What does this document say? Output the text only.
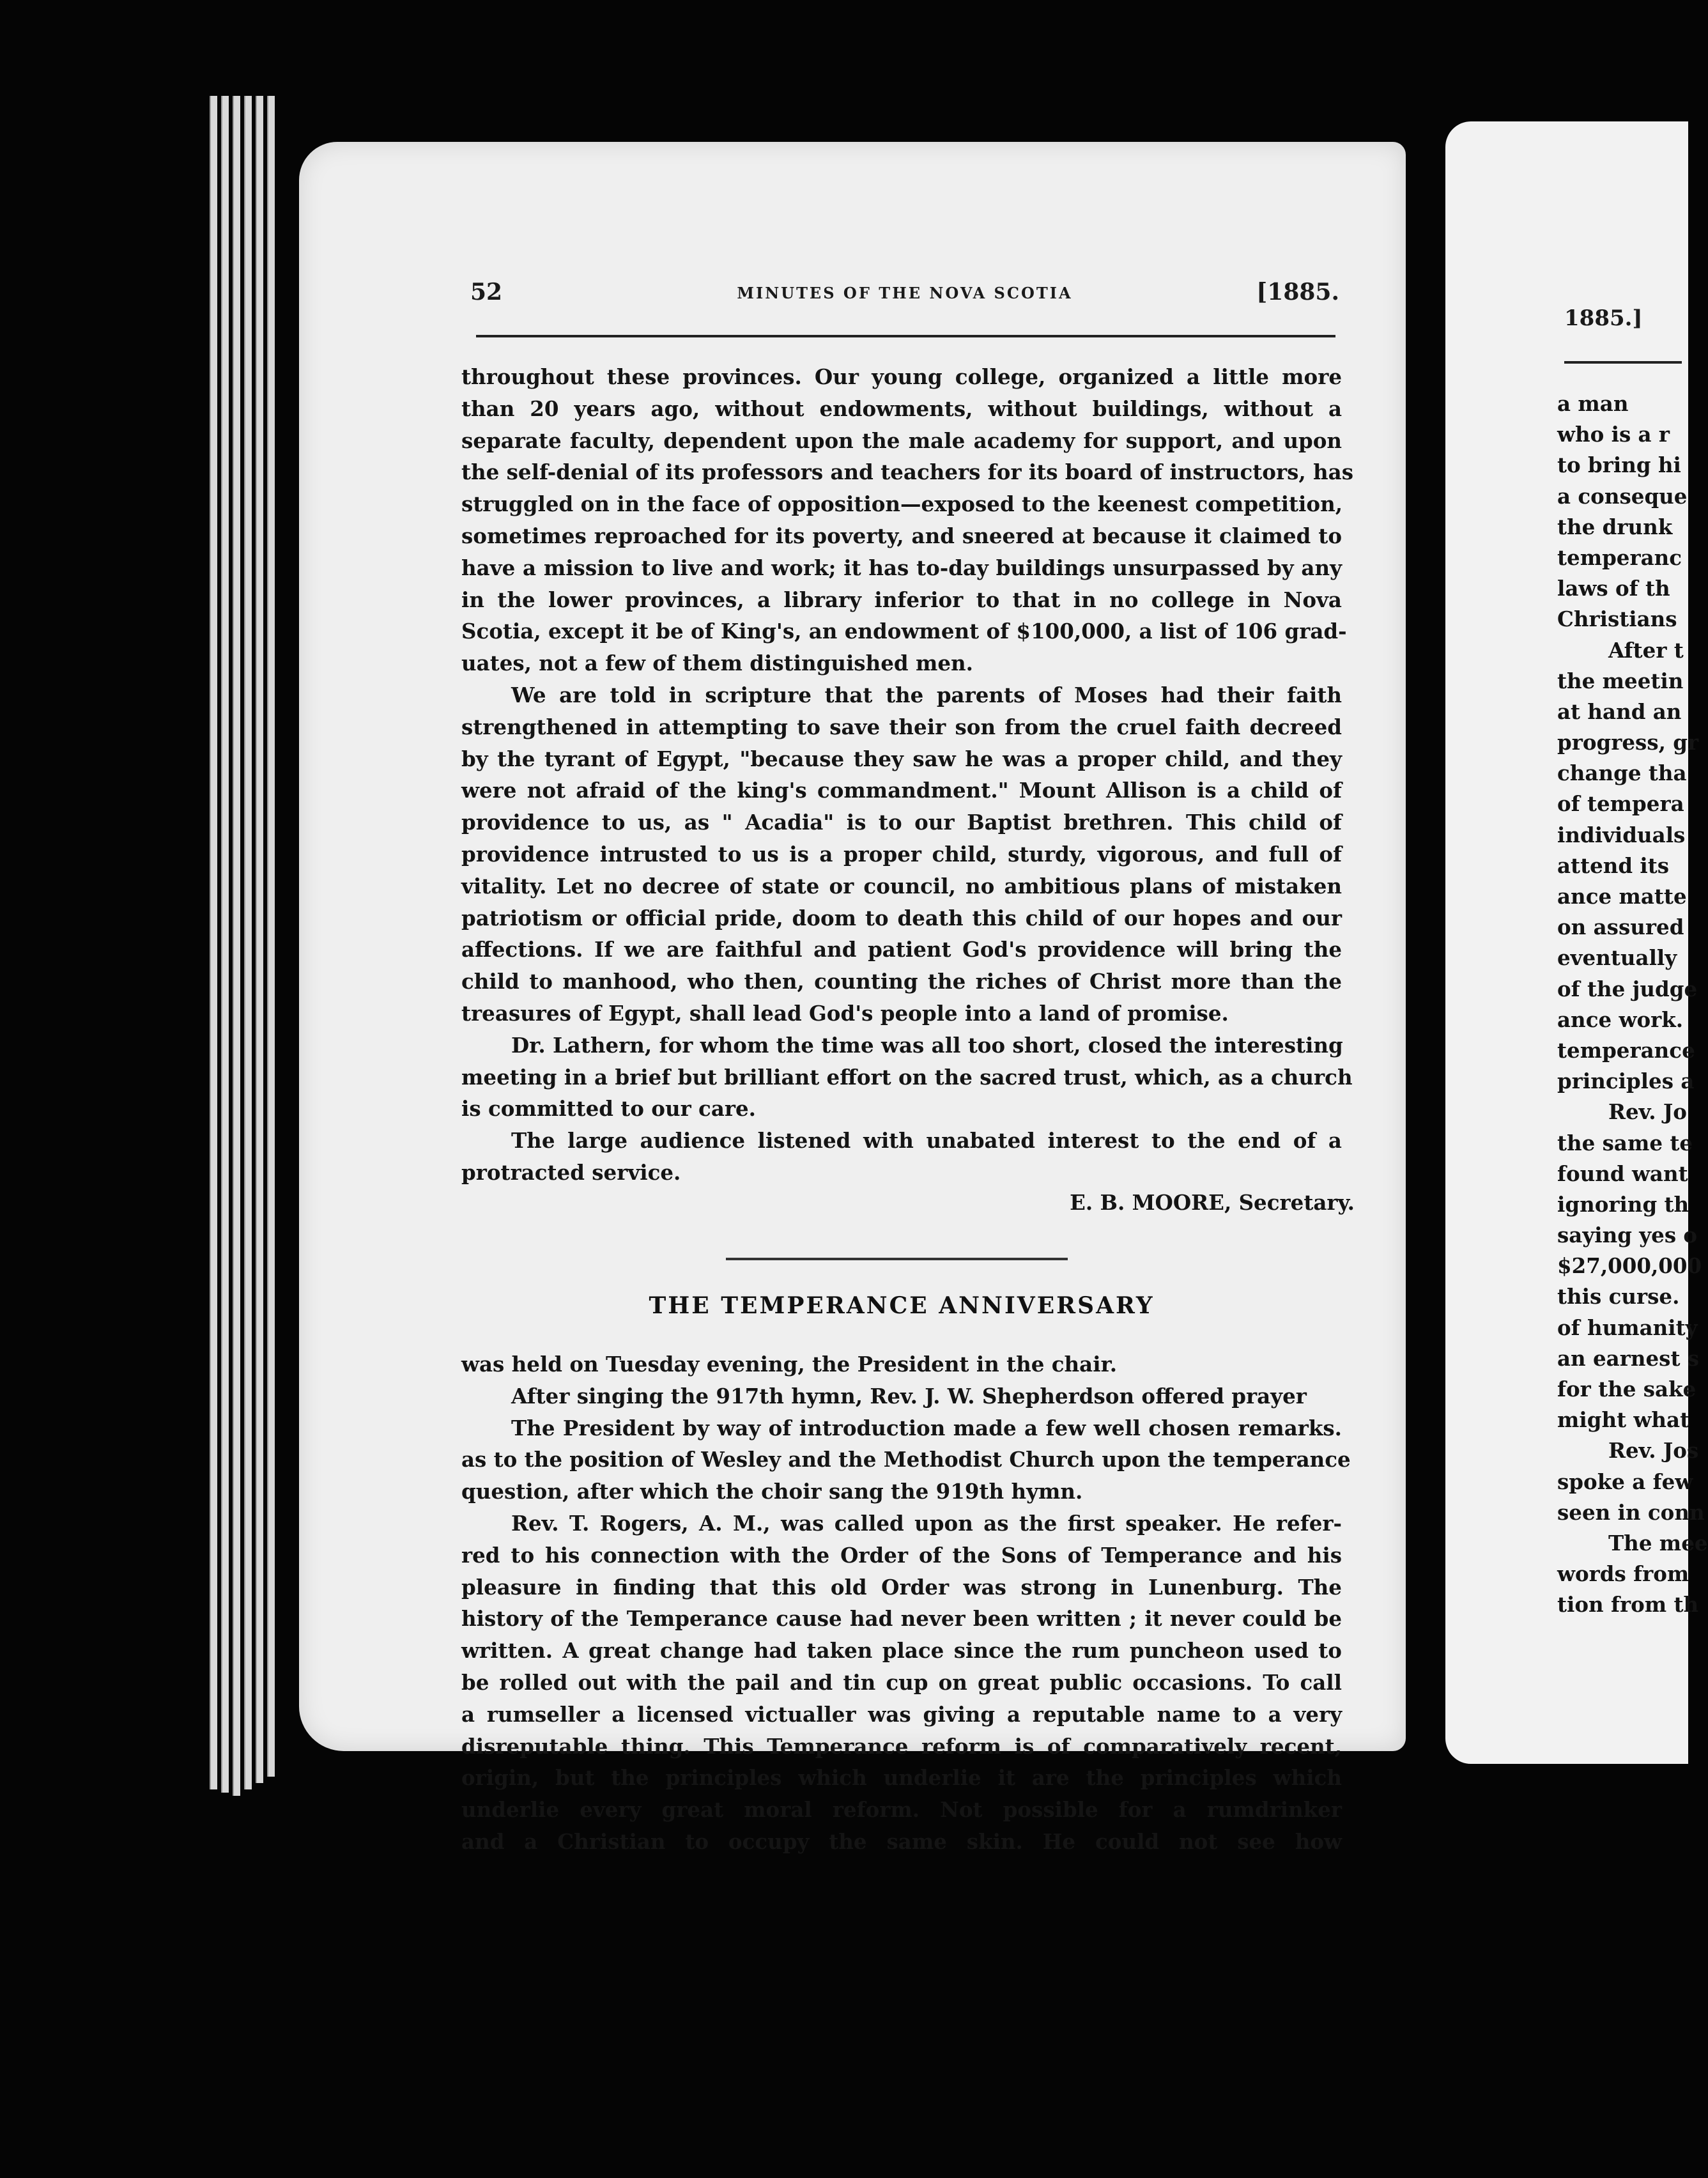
52	MINUTES OF THE NOVA SCOTIA	[1885.
throughout these provinces. Our young college, organized a little more
than 20 years ago, without endowments, without buildings, without a
separate faculty, dependent upon the male academy for support, and upon
the self-denial of its professors and teachers for its board of instructors, has
struggled on in the face of opposition—exposed to the keenest competition,
sometimes reproached for its poverty, and sneered at because it claimed to
have a mission to live and work; it has to-day buildings unsurpassed by any
in the lower provinces, a library inferior to that in no college in Nova
Scotia, except it be of King's, an endowment of $100,000, a list of 106 grad-
uates, not a few of them distinguished men.
We are told in scripture that the parents of Moses had their faith
strengthened in attempting to save their son from the cruel faith decreed
by the tyrant of Egypt, "because they saw he was a proper child, and they
were not afraid of the king's commandment." Mount Allison is a child of
providence to us, as " Acadia" is to our Baptist brethren. This child of
providence intrusted to us is a proper child, sturdy, vigorous, and full of
vitality. Let no decree of state or council, no ambitious plans of mistaken
patriotism or official pride, doom to death this child of our hopes and our
affections. If we are faithful and patient God's providence will bring the
child to manhood, who then, counting the riches of Christ more than the
treasures of Egypt, shall lead God's people into a land of promise.
Dr. Lathern, for whom the time was all too short, closed the interesting
meeting in a brief but brilliant effort on the sacred trust, which, as a church
is committed to our care.
The large audience listened with unabated interest to the end of a
protracted service.
E. B. MOORE, Secretary.
THE TEMPERANCE ANNIVERSARY
was held on Tuesday evening, the President in the chair.
After singing the 917th hymn, Rev. J. W. Shepherdson offered prayer
The President by way of introduction made a few well chosen remarks.
as to the position of Wesley and the Methodist Church upon the temperance
question, after which the choir sang the 919th hymn.
Rev. T. Rogers, A. M., was called upon as the first speaker. He refer-
red to his connection with the Order of the Sons of Temperance and his
pleasure in finding that this old Order was strong in Lunenburg. The
history of the Temperance cause had never been written ; it never could be
written. A great change had taken place since the rum puncheon used to
be rolled out with the pail and tin cup on great public occasions. To call
a rumseller a licensed victualler was giving a reputable name to a very
disreputable thing. This Temperance reform is of comparatively recent,
origin, but the principles which underlie it are the principles which
underlie every great moral reform. Not possible for a rumdrinker
and a Christian to occupy the same skin. He could not see how
1885.]
a man
who is a r
to bring hi
a conseque
the drunk
temperanc
laws of th
Christians
After t
the meetin
at hand an
progress, gr
change tha
of tempera
individuals
attend its
ance matte
on assured
eventually
of the judge
ance work.
temperance
principles a
Rev. Jo
the same te
found want
ignoring th
saying yes o
$27,000,000
this curse.
of humanity
an earnest s
for the sake
might what
Rev. Jos
spoke a few
seen in conn
The mee
words from
tion from th
